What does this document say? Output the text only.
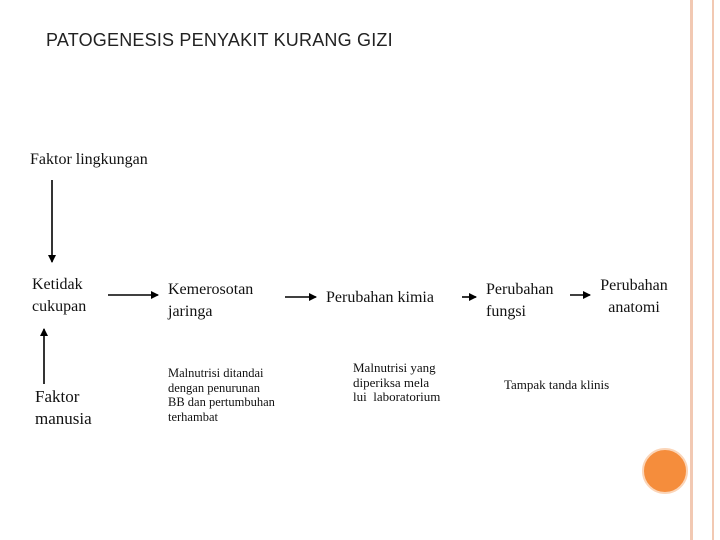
PATOGENESIS PENYAKIT KURANG GIZI
Faktor lingkungan
Ketidak
cukupan
Faktor
manusia
Kemerosotan
jaringa
Perubahan kimia	Perubahan
fungsi
Perubahan
anatomi
Malnutrisi ditandai
dengan penurunan
BB dan pertumbuhan
terhambat
Malnutrisi yang
diperiksa mela
lui  laboratorium
Tampak tanda klinis
